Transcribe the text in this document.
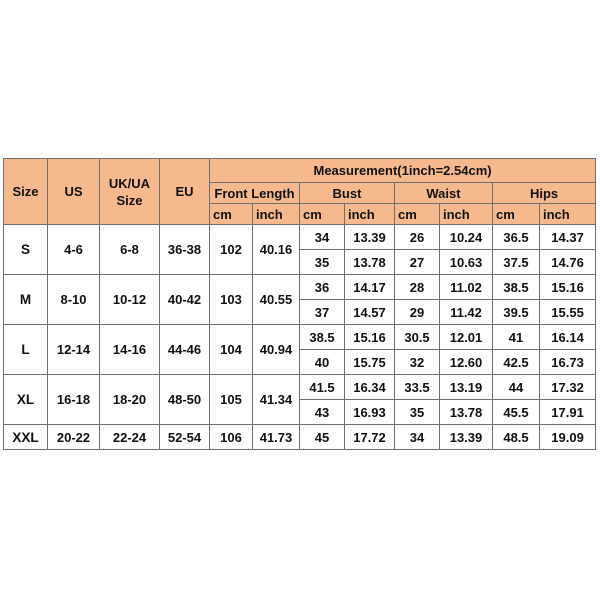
Size	US	UK/UA Size	EU	Measurement(1inch=2.54cm)							
				Front Length		Bust		Waist		Hips	
				cm	inch	cm	inch	cm	inch	cm	inch
S	4-6	6-8	36-38	102	40.16	34	13.39	26	10.24	36.5	14.37
						35	13.78	27	10.63	37.5	14.76
M	8-10	10-12	40-42	103	40.55	36	14.17	28	11.02	38.5	15.16
						37	14.57	29	11.42	39.5	15.55
L	12-14	14-16	44-46	104	40.94	38.5	15.16	30.5	12.01	41	16.14
						40	15.75	32	12.60	42.5	16.73
XL	16-18	18-20	48-50	105	41.34	41.5	16.34	33.5	13.19	44	17.32
						43	16.93	35	13.78	45.5	17.91
XXL	20-22	22-24	52-54	106	41.73	45	17.72	34	13.39	48.5	19.09
